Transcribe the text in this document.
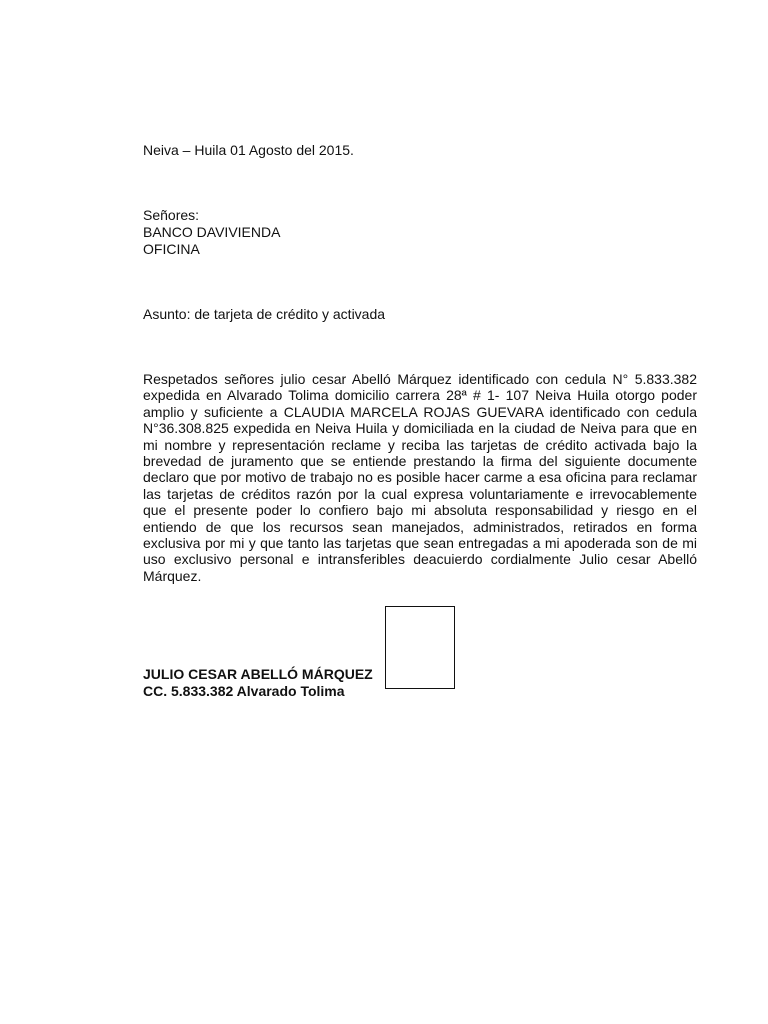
Neiva – Huila 01 Agosto del 2015.
Señores:
BANCO DAVIVIENDA
OFICINA
Asunto: de tarjeta de crédito y activada
Respetados señores julio cesar Abelló Márquez identificado con cedula N° 5.833.382 expedida en Alvarado Tolima domicilio carrera 28ª # 1- 107 Neiva Huila otorgo poder amplio y suficiente a CLAUDIA MARCELA ROJAS GUEVARA identificado con cedula N°36.308.825 expedida en Neiva Huila y domiciliada en la ciudad de Neiva para que en mi nombre y representación reclame y reciba las tarjetas de crédito activada bajo la brevedad de juramento que se entiende prestando la firma del siguiente documente declaro que por motivo de trabajo no es posible hacer carme a esa oficina para reclamar las tarjetas de créditos razón por la cual expresa voluntariamente e irrevocablemente que el presente poder lo confiero bajo mi absoluta responsabilidad y riesgo en el entiendo de que los recursos sean manejados, administrados, retirados en forma exclusiva por mi y que tanto las tarjetas que sean entregadas a mi apoderada son de mi uso exclusivo personal e intransferibles deacuierdo cordialmente Julio cesar Abelló Márquez.
JULIO CESAR ABELLÓ MÁRQUEZ
CC. 5.833.382 Alvarado Tolima
